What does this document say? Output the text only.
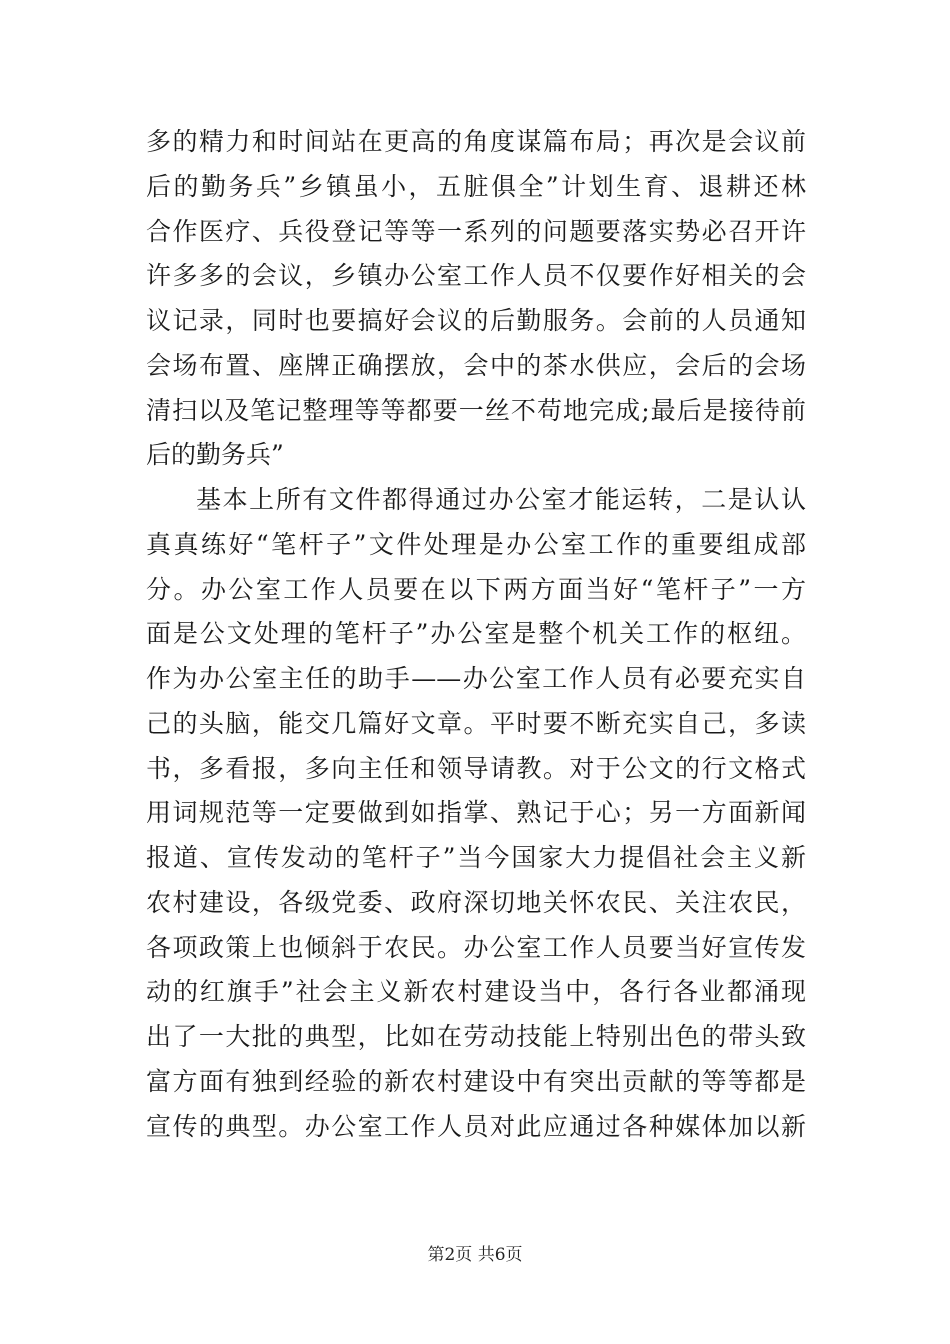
多的精力和时间站在更高的角度谋篇布局；再次是会议前
后的勤务兵”乡镇虽小，五脏俱全”计划生育、退耕还林
合作医疗、兵役登记等等一系列的问题要落实势必召开许
许多多的会议，乡镇办公室工作人员不仅要作好相关的会
议记录，同时也要搞好会议的后勤服务。会前的人员通知
会场布置、座牌正确摆放，会中的茶水供应，会后的会场
清扫以及笔记整理等等都要一丝不苟地完成;最后是接待前
后的勤务兵”
基本上所有文件都得通过办公室才能运转，二是认认
真真练好“笔杆子”文件处理是办公室工作的重要组成部
分。办公室工作人员要在以下两方面当好“笔杆子”一方
面是公文处理的笔杆子”办公室是整个机关工作的枢纽。
作为办公室主任的助手——办公室工作人员有必要充实自
己的头脑，能交几篇好文章。平时要不断充实自己，多读
书，多看报，多向主任和领导请教。对于公文的行文格式
用词规范等一定要做到如指掌、熟记于心；另一方面新闻
报道、宣传发动的笔杆子”当今国家大力提倡社会主义新
农村建设，各级党委、政府深切地关怀农民、关注农民，
各项政策上也倾斜于农民。办公室工作人员要当好宣传发
动的红旗手”社会主义新农村建设当中，各行各业都涌现
出了一大批的典型，比如在劳动技能上特别出色的带头致
富方面有独到经验的新农村建设中有突出贡献的等等都是
宣传的典型。办公室工作人员对此应通过各种媒体加以新
第2页 共6页
